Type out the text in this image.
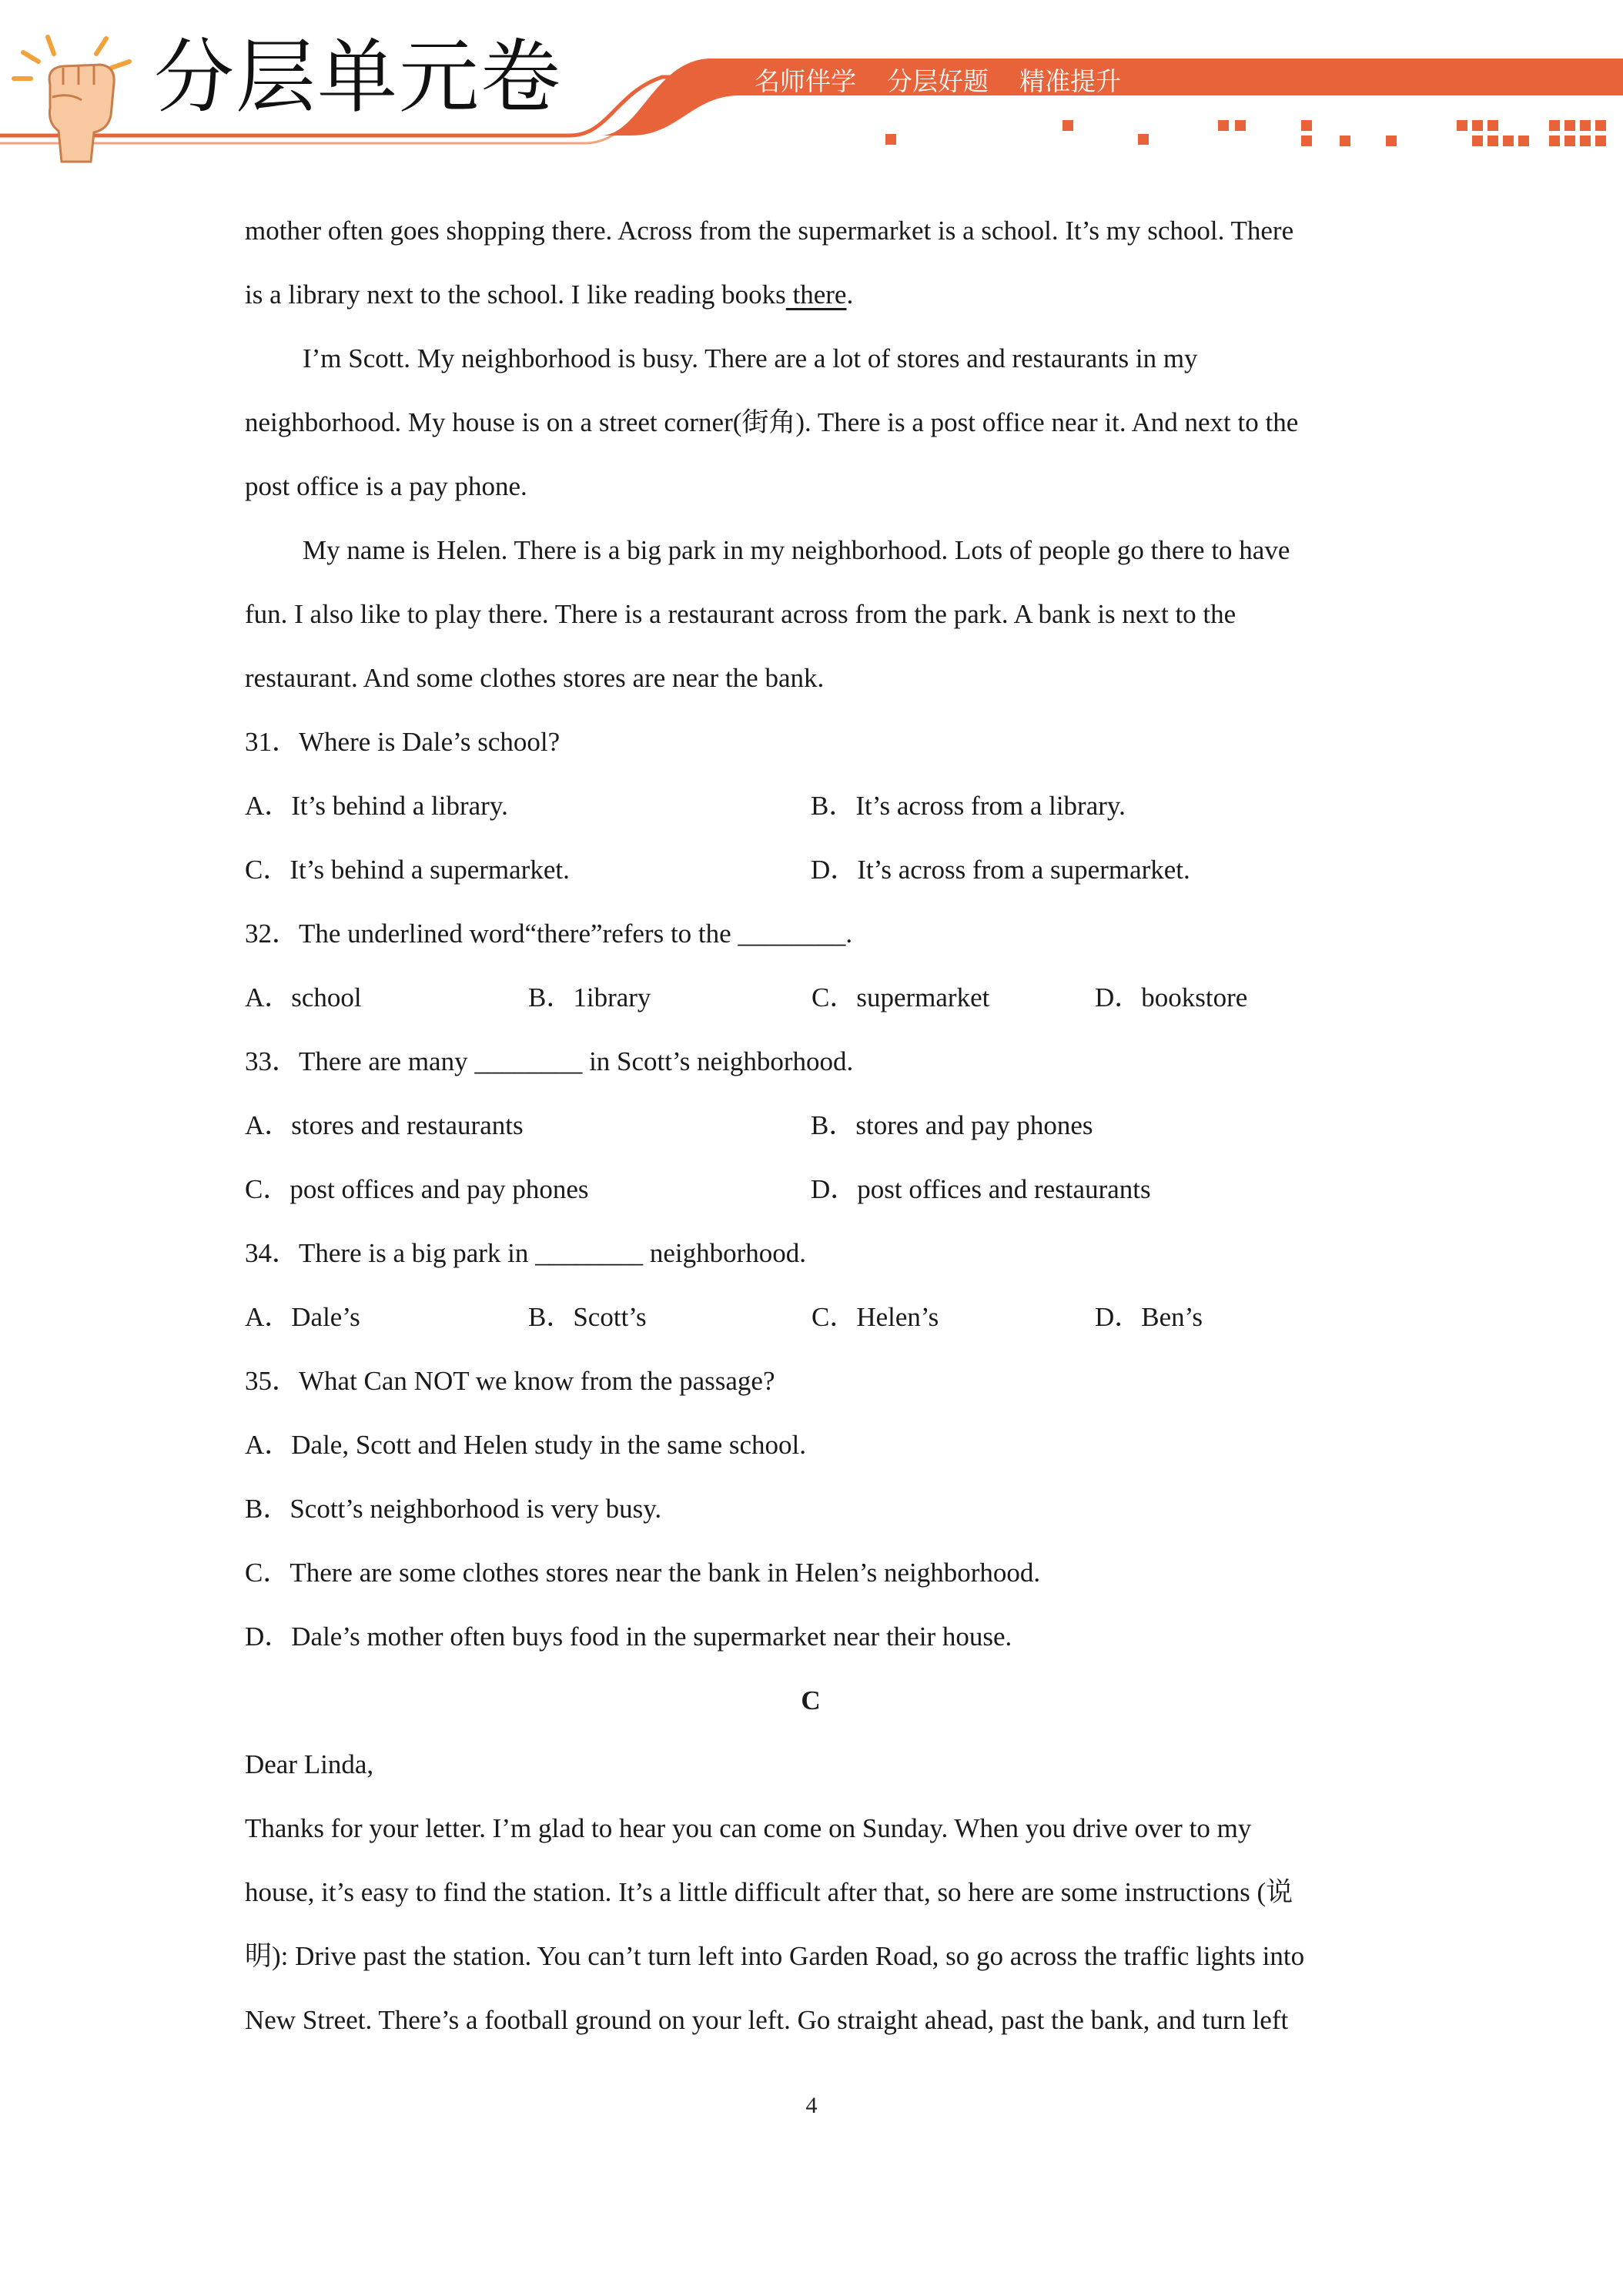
分层单元卷	名师伴学 分层好题 精准提升
mother often goes shopping there. Across from the supermarket is a school. It’s my school. There
is a library next to the school. I like reading books there.
I’m Scott. My neighborhood is busy. There are a lot of stores and restaurants in my
neighborhood. My house is on a street corner(街角). There is a post office near it. And next to the
post office is a pay phone.
My name is Helen. There is a big park in my neighborhood. Lots of people go there to have
fun. I also like to play there. There is a restaurant across from the park. A bank is next to the
restaurant. And some clothes stores are near the bank.
31．Where is Dale’s school?
A．It’s behind a library.	B．It’s across from a library.
C．It’s behind a supermarket.	D．It’s across from a supermarket.
32．The underlined word“there”refers to the ________.
A．school	B．1ibrary	C．supermarket	D．bookstore
33．There are many ________ in Scott’s neighborhood.
A．stores and restaurants	B．stores and pay phones
C．post offices and pay phones	D．post offices and restaurants
34．There is a big park in ________ neighborhood.
A．Dale’s	B．Scott’s	C．Helen’s	D．Ben’s
35．What Can NOT we know from the passage?
A．Dale, Scott and Helen study in the same school.
B．Scott’s neighborhood is very busy.
C．There are some clothes stores near the bank in Helen’s neighborhood.
D．Dale’s mother often buys food in the supermarket near their house.
C
Dear Linda,
Thanks for your letter. I’m glad to hear you can come on Sunday. When you drive over to my
house, it’s easy to find the station. It’s a little difficult after that, so here are some instructions (说
明): Drive past the station. You can’t turn left into Garden Road, so go across the traffic lights into
New Street. There’s a football ground on your left. Go straight ahead, past the bank, and turn left
4
